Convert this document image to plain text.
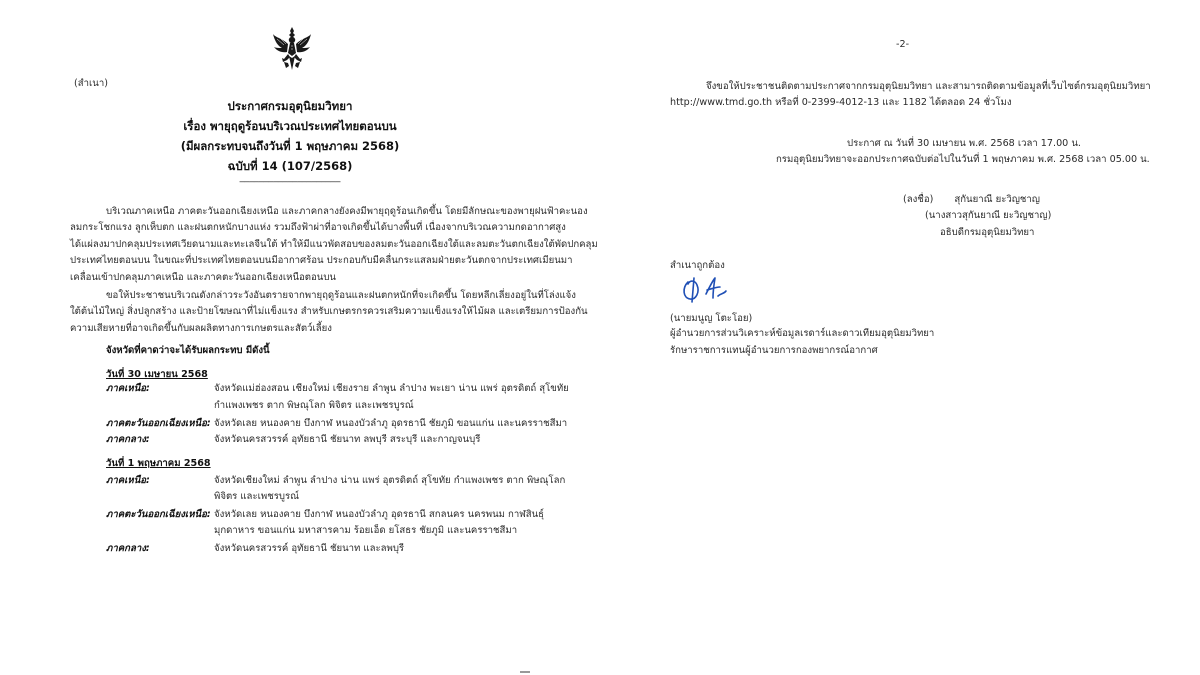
(สำเนา)
ประกาศกรมอุตุนิยมวิทยา
เรื่อง พายุฤดูร้อนบริเวณประเทศไทยตอนบน
(มีผลกระทบจนถึงวันที่ 1 พฤษภาคม 2568)
ฉบับที่ 14 (107/2568)
_____________________
บริเวณภาคเหนือ ภาคตะวันออกเฉียงเหนือ และภาคกลางยังคงมีพายุฤดูร้อนเกิดขึ้น โดยมีลักษณะของพายุฝนฟ้าคะนอง
ลมกระโชกแรง ลูกเห็บตก และฝนตกหนักบางแห่ง รวมถึงฟ้าผ่าที่อาจเกิดขึ้นได้บางพื้นที่ เนื่องจากบริเวณความกดอากาศสูง
ได้แผ่ลงมาปกคลุมประเทศเวียดนามและทะเลจีนใต้ ทำให้มีแนวพัดสอบของลมตะวันออกเฉียงใต้และลมตะวันตกเฉียงใต้พัดปกคลุม
ประเทศไทยตอนบน ในขณะที่ประเทศไทยตอนบนมีอากาศร้อน ประกอบกับมีคลื่นกระแสลมฝ่ายตะวันตกจากประเทศเมียนมา
เคลื่อนเข้าปกคลุมภาคเหนือ และภาคตะวันออกเฉียงเหนือตอนบน
ขอให้ประชาชนบริเวณดังกล่าวระวังอันตรายจากพายุฤดูร้อนและฝนตกหนักที่จะเกิดขึ้น โดยหลีกเลี่ยงอยู่ในที่โล่งแจ้ง
ใต้ต้นไม้ใหญ่ สิ่งปลูกสร้าง และป้ายโฆษณาที่ไม่แข็งแรง สำหรับเกษตรกรควรเสริมความแข็งแรงให้ไม้ผล และเตรียมการป้องกัน
ความเสียหายที่อาจเกิดขึ้นกับผลผลิตทางการเกษตรและสัตว์เลี้ยง
จังหวัดที่คาดว่าจะได้รับผลกระทบ มีดังนี้
วันที่ 30 เมษายน 2568
ภาคเหนือ:	จังหวัดแม่ฮ่องสอน เชียงใหม่ เชียงราย ลำพูน ลำปาง พะเยา น่าน แพร่ อุตรดิตถ์ สุโขทัย
กำแพงเพชร ตาก พิษณุโลก พิจิตร และเพชรบูรณ์
ภาคตะวันออกเฉียงเหนือ: จังหวัดเลย หนองคาย บึงกาฬ หนองบัวลำภู อุดรธานี ชัยภูมิ ขอนแก่น และนครราชสีมา
ภาคกลาง:	จังหวัดนครสวรรค์ อุทัยธานี ชัยนาท ลพบุรี สระบุรี และกาญจนบุรี
วันที่ 1 พฤษภาคม 2568
ภาคเหนือ:	จังหวัดเชียงใหม่ ลำพูน ลำปาง น่าน แพร่ อุตรดิตถ์ สุโขทัย กำแพงเพชร ตาก พิษณุโลก
พิจิตร และเพชรบูรณ์
ภาคตะวันออกเฉียงเหนือ: จังหวัดเลย หนองคาย บึงกาฬ หนองบัวลำภู อุดรธานี สกลนคร นครพนม กาฬสินธุ์
มุกดาหาร ขอนแก่น มหาสารคาม ร้อยเอ็ด ยโสธร ชัยภูมิ และนครราชสีมา
ภาคกลาง:	จังหวัดนครสวรรค์ อุทัยธานี ชัยนาท และลพบุรี
-2-
จึงขอให้ประชาชนติดตามประกาศจากกรมอุตุนิยมวิทยา และสามารถติดตามข้อมูลที่เว็บไซต์กรมอุตุนิยมวิทยา
http://www.tmd.go.th หรือที่ 0-2399-4012-13 และ 1182 ได้ตลอด 24 ชั่วโมง
ประกาศ ณ วันที่ 30 เมษายน พ.ศ. 2568 เวลา 17.00 น.
กรมอุตุนิยมวิทยาจะออกประกาศฉบับต่อไปในวันที่ 1 พฤษภาคม พ.ศ. 2568 เวลา 05.00 น.
(ลงชื่อ) สุกันยาณี ยะวิญชาญ
(นางสาวสุกันยาณี ยะวิญชาญ)
อธิบดีกรมอุตุนิยมวิทยา
สำเนาถูกต้อง
(นายมนูญ โตะโอย)
ผู้อำนวยการส่วนวิเคราะห์ข้อมูลเรดาร์และดาวเทียมอุตุนิยมวิทยา
รักษาราชการแทนผู้อำนวยการกองพยากรณ์อากาศ
